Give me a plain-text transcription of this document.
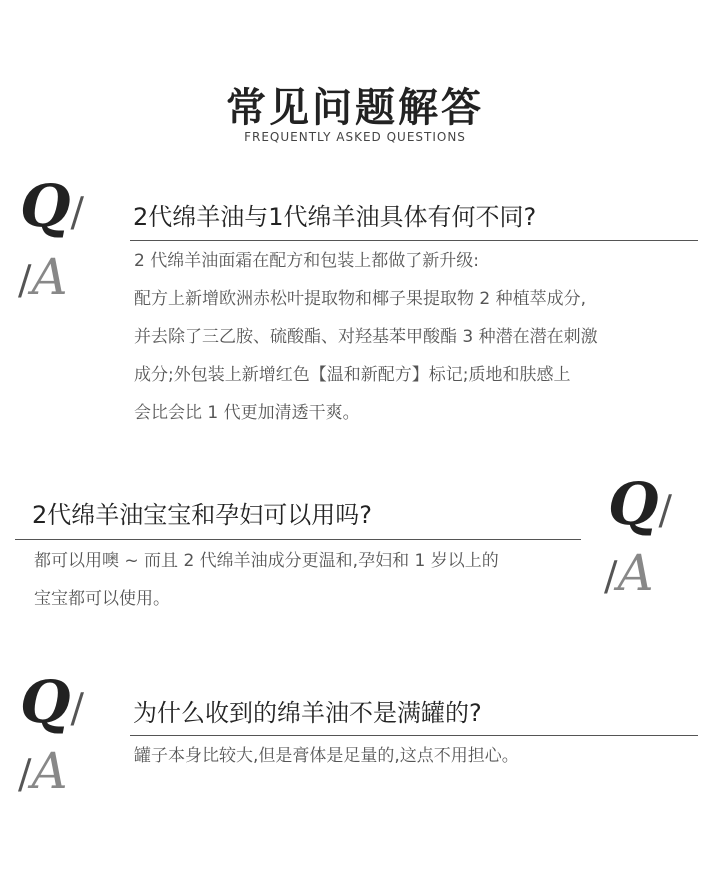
常见问题解答
FREQUENTLY ASKED QUESTIONS
Q/
/A
2代绵羊油与1代绵羊油具体有何不同?
2 代绵羊油面霜在配方和包装上都做了新升级:
配方上新增欧洲赤松叶提取物和椰子果提取物 2 种植萃成分,
并去除了三乙胺、硫酸酯、对羟基苯甲酸酯 3 种潜在潜在刺激
成分;外包装上新增红色【温和新配方】标记;质地和肤感上
会比会比 1 代更加清透干爽。
Q/
/A
2代绵羊油宝宝和孕妇可以用吗?
都可以用噢 ~ 而且 2 代绵羊油成分更温和,孕妇和 1 岁以上的
宝宝都可以使用。
Q/
/A
为什么收到的绵羊油不是满罐的?
罐子本身比较大,但是膏体是足量的,这点不用担心。
